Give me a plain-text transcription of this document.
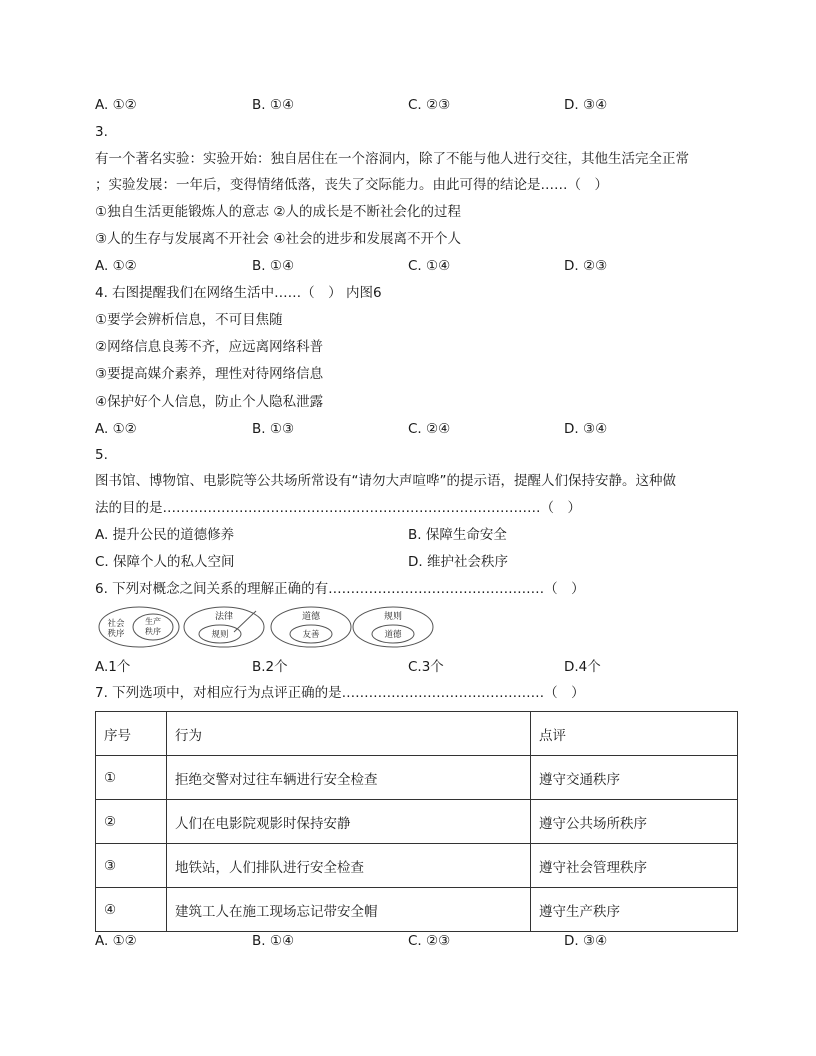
A. ①②	B. ①④	C. ②③	D. ③④
3.
有一个著名实验：实验开始：独自居住在一个溶洞内，除了不能与他人进行交往，其他生活完全正常
；实验发展：一年后，变得情绪低落，丧失了交际能力。由此可得的结论是……（　）
①独自生活更能锻炼人的意志 ②人的成长是不断社会化的过程
③人的生存与发展离不开社会 ④社会的进步和发展离不开个人
A. ①②	B. ①④	C. ①④	D. ②③
4. 右图提醒我们在网络生活中……（　） 内图6
①要学会辨析信息，不可目焦随
②网络信息良莠不齐，应远离网络科普
③要提高媒介素养，理性对待网络信息
④保护好个人信息，防止个人隐私泄露
A. ①②	B. ①③	C. ②④	D. ③④
5.
图书馆、博物馆、电影院等公共场所常设有“请勿大声喧哗”的提示语，提醒人们保持安静。这种做
法的目的是…………………………………………………………………………（　）
A. 提升公民的道德修养	B. 保障生命安全
C. 保障个人的私人空间	D. 维护社会秩序
6. 下列对概念之间关系的理解正确的有…………………………………………（　）
社会
秩序
生产
秩序
法律
规则
道德
友善
规则
道德
A.1个	B.2个	C.3个	D.4个
7. 下列选项中，对相应行为点评正确的是………………………………………（　）
序号	行为	点评
①	拒绝交警对过往车辆进行安全检查	遵守交通秩序
②	人们在电影院观影时保持安静	遵守公共场所秩序
③	地铁站，人们排队进行安全检查	遵守社会管理秩序
④	建筑工人在施工现场忘记带安全帽	遵守生产秩序
A. ①②	B. ①④	C. ②③	D. ③④
